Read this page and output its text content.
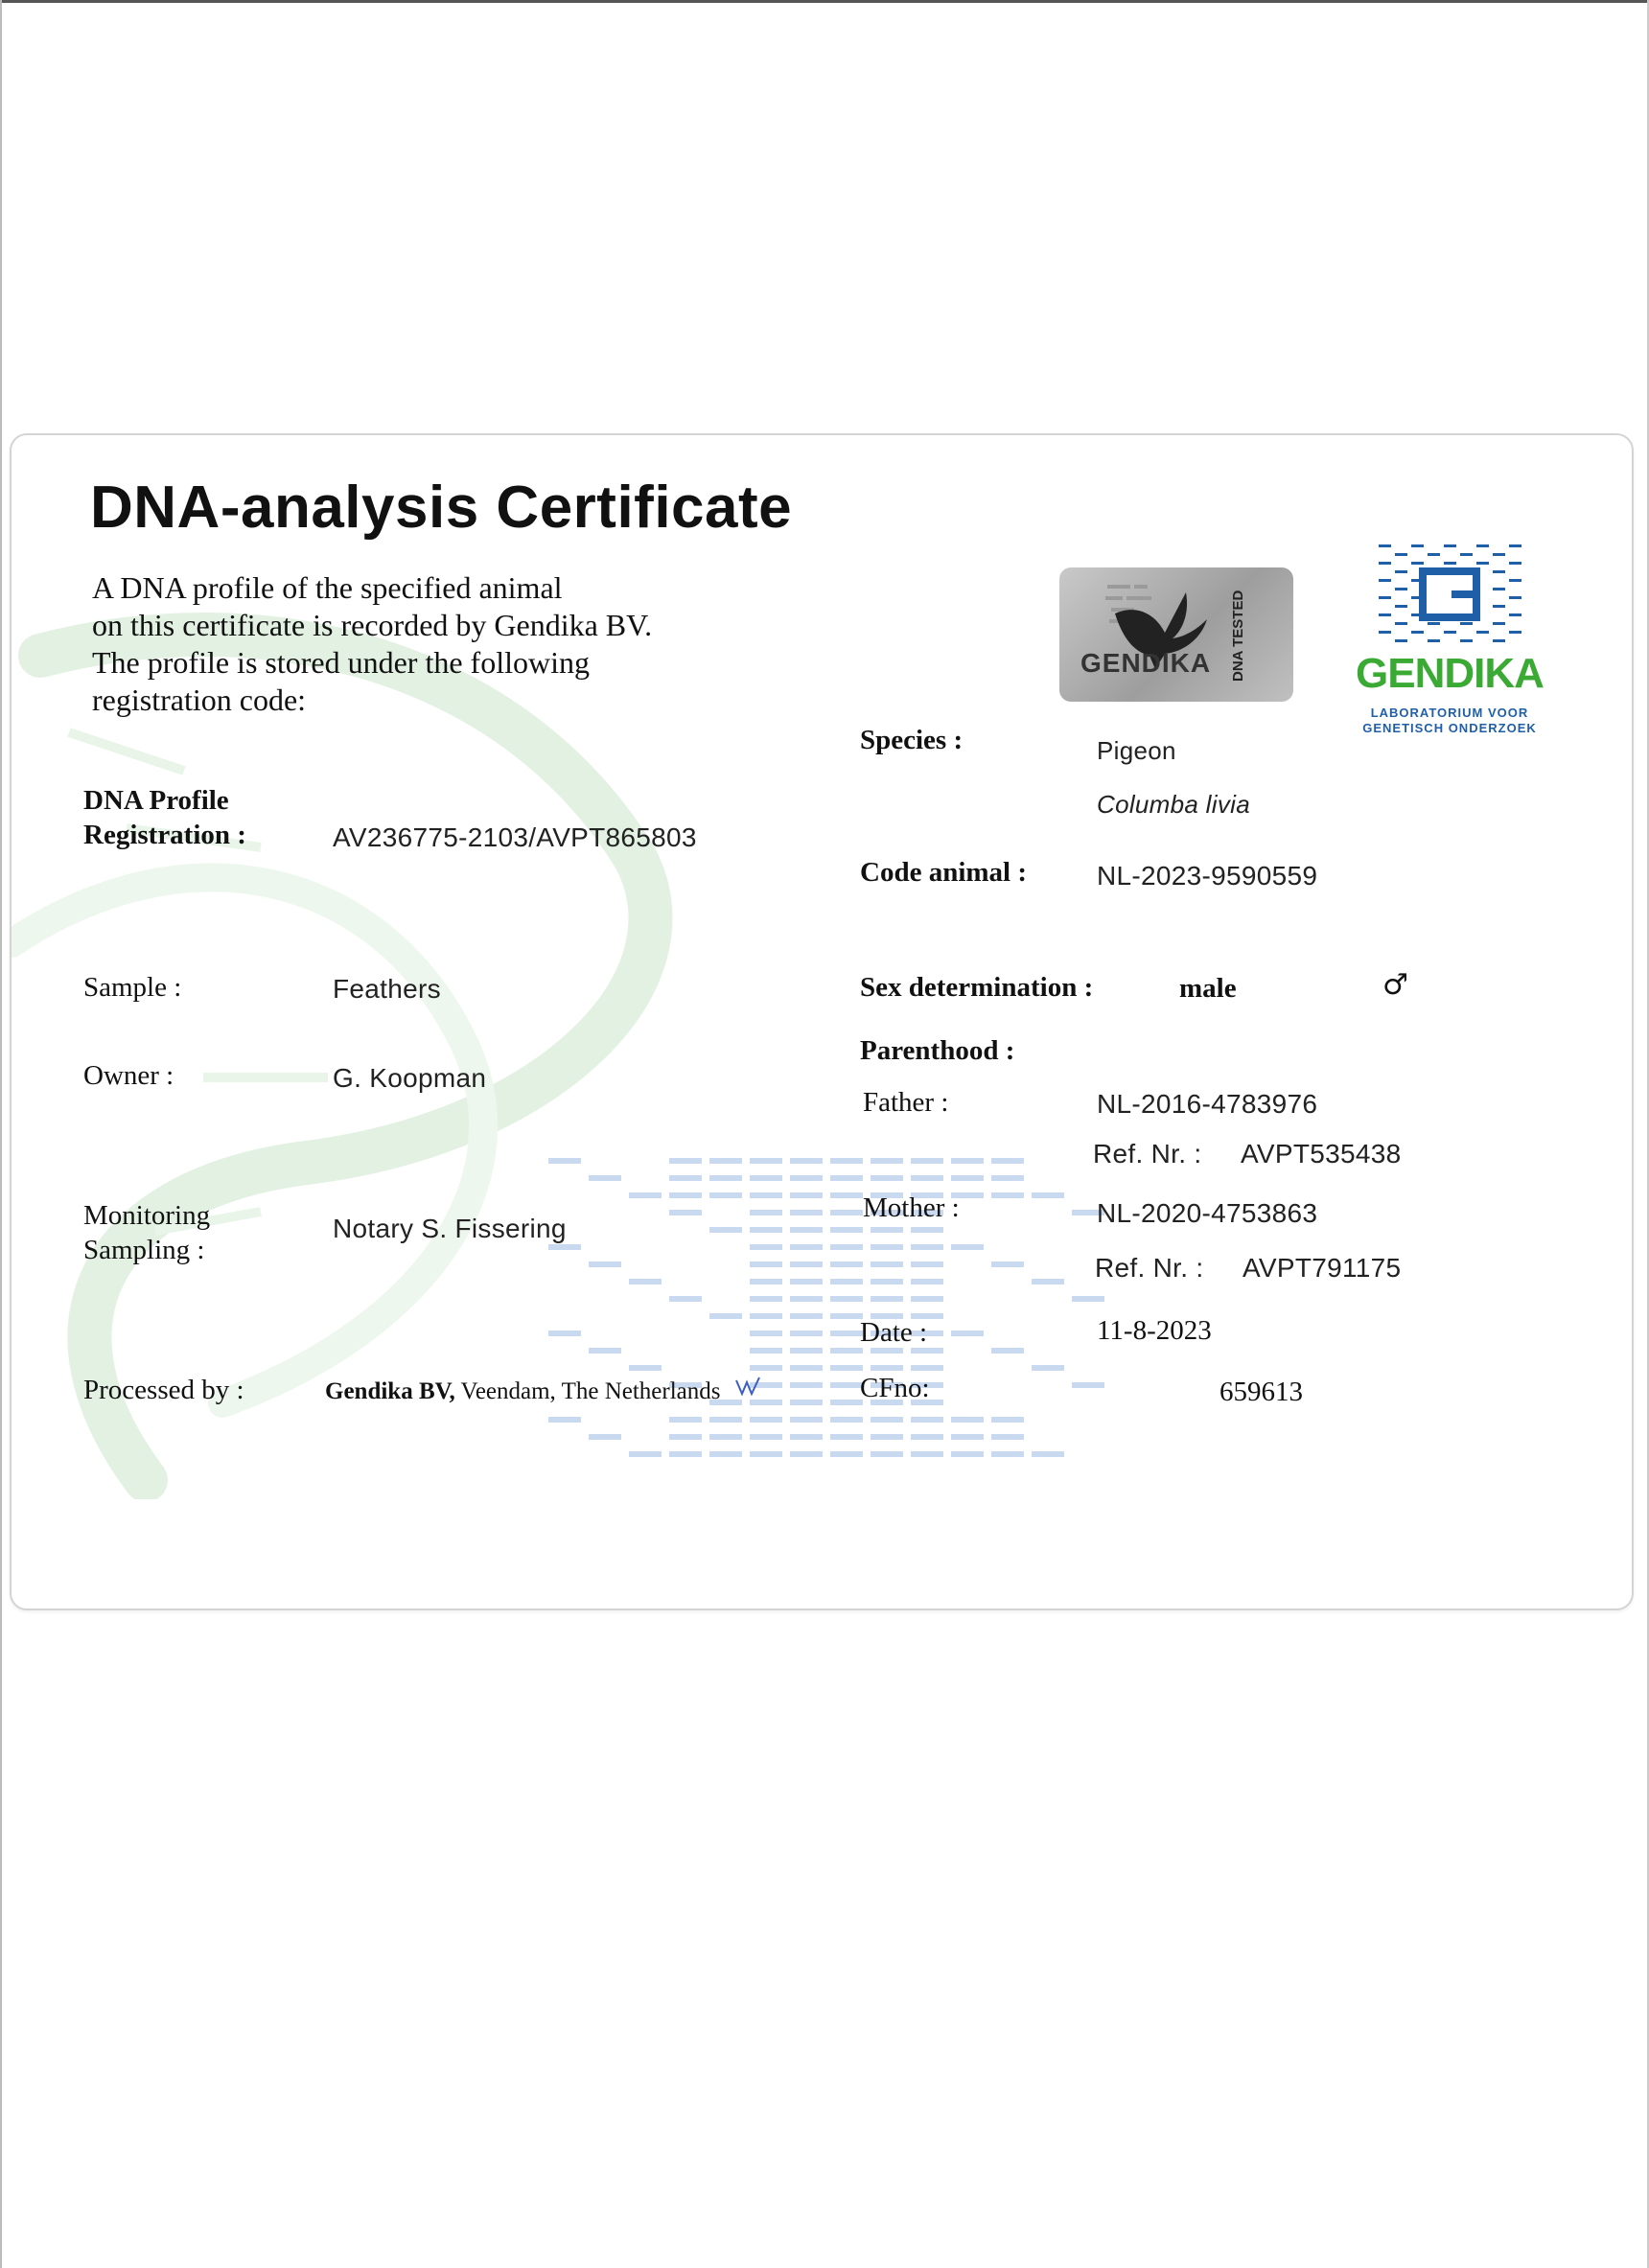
DNA-analysis Certificate
A DNA profile of the specified animal
on this certificate is recorded by Gendika BV.
The profile is stored under the following
registration code:
DNA Profile
Registration :	AV236775-2103/AVPT865803
Sample :	Feathers
Owner :	G. Koopman
Monitoring
Sampling :
Notary S. Fissering
Processed by :	Gendika BV, Veendam, The Netherlands
Species :	Pigeon
Columba livia
Code animal :	NL-2023-9590559
Sex determination :	male	♂
Parenthood :
Father :	NL-2016-4783976
Ref. Nr. : AVPT535438
Mother :	NL-2020-4753863
Ref. Nr. : AVPT791175
Date :	11-8-2023
CFno:	659613
GENDIKA DNA TESTED	GENDIKA
LABORATORIUM VOOR
GENETISCH ONDERZOEK
